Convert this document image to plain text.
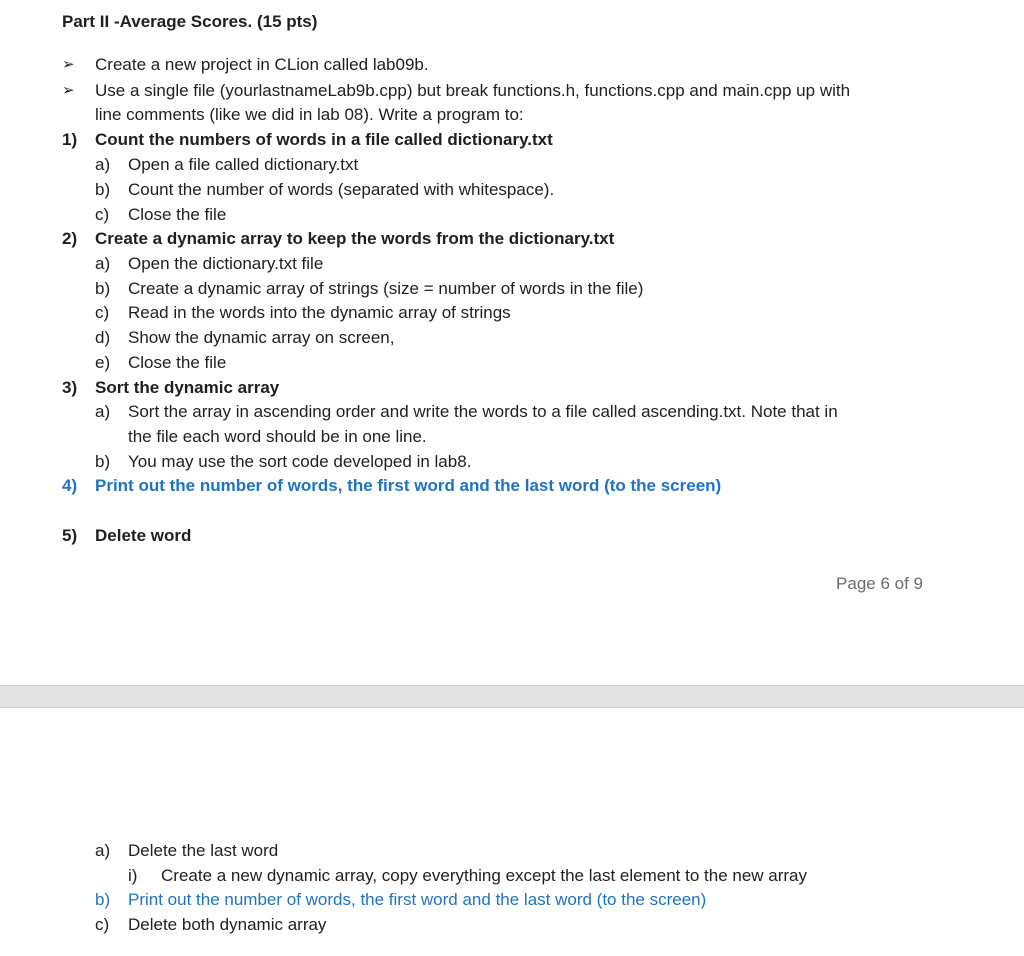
Part II -Average Scores. (15 pts)
➢ Create a new project in CLion called lab09b.
➢ Use a single file (yourlastnameLab9b.cpp) but break functions.h, functions.cpp and main.cpp up with
line comments (like we did in lab 08). Write a program to:
1) Count the numbers of words in a file called dictionary.txt
a) Open a file called dictionary.txt
b) Count the number of words (separated with whitespace).
c) Close the file
2) Create a dynamic array to keep the words from the dictionary.txt
a) Open the dictionary.txt file
b) Create a dynamic array of strings (size = number of words in the file)
c) Read in the words into the dynamic array of strings
d) Show the dynamic array on screen,
e) Close the file
3) Sort the dynamic array
a) Sort the array in ascending order and write the words to a file called ascending.txt. Note that in
the file each word should be in one line.
b) You may use the sort code developed in lab8.
4) Print out the number of words, the first word and the last word (to the screen)
5) Delete word
Page 6 of 9
a) Delete the last word
i) Create a new dynamic array, copy everything except the last element to the new array
b) Print out the number of words, the first word and the last word (to the screen)
c) Delete both dynamic array
